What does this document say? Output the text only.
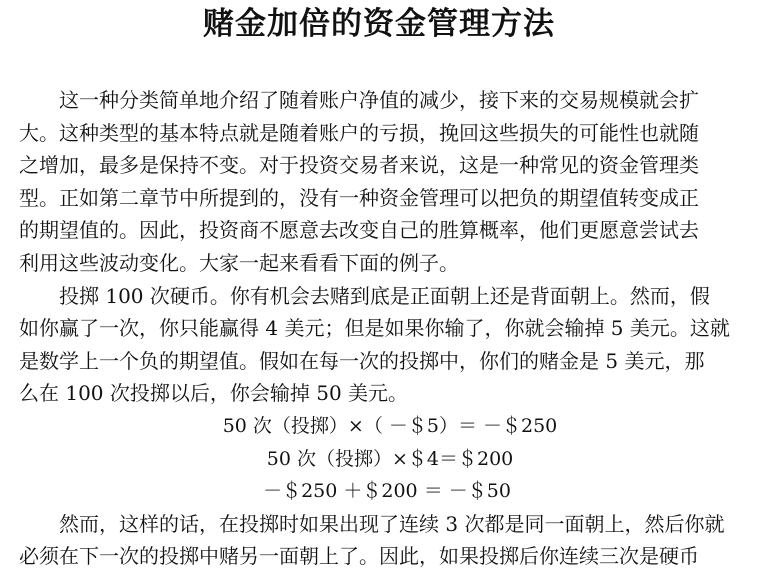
赌金加倍的资金管理方法

这一种分类简单地介绍了随着账户净值的减少，接下来的交易规模就会扩
大。这种类型的基本特点就是随着账户的亏损，挽回这些损失的可能性也就随
之增加，最多是保持不变。对于投资交易者来说，这是一种常见的资金管理类
型。正如第二章节中所提到的，没有一种资金管理可以把负的期望值转变成正
的期望值的。因此，投资商不愿意去改变自己的胜算概率，他们更愿意尝试去
利用这些波动变化。大家一起来看看下面的例子。

投掷 100 次硬币。你有机会去赌到底是正面朝上还是背面朝上。然而，假
如你赢了一次，你只能赢得 4 美元；但是如果你输了，你就会输掉 5 美元。这就
是数学上一个负的期望值。假如在每一次的投掷中，你们的赌金是 5 美元，那
么在 100 次投掷以后，你会输掉 50 美元。

50 次（投掷）×（ －＄5）＝ －＄250
50 次（投掷）×＄4＝＄200
－＄250 ＋＄200 ＝ －＄50

然而，这样的话，在投掷时如果出现了连续 3 次都是同一面朝上，然后你就
必须在下一次的投掷中赌另一面朝上了。因此，如果投掷后你连续三次是硬币
